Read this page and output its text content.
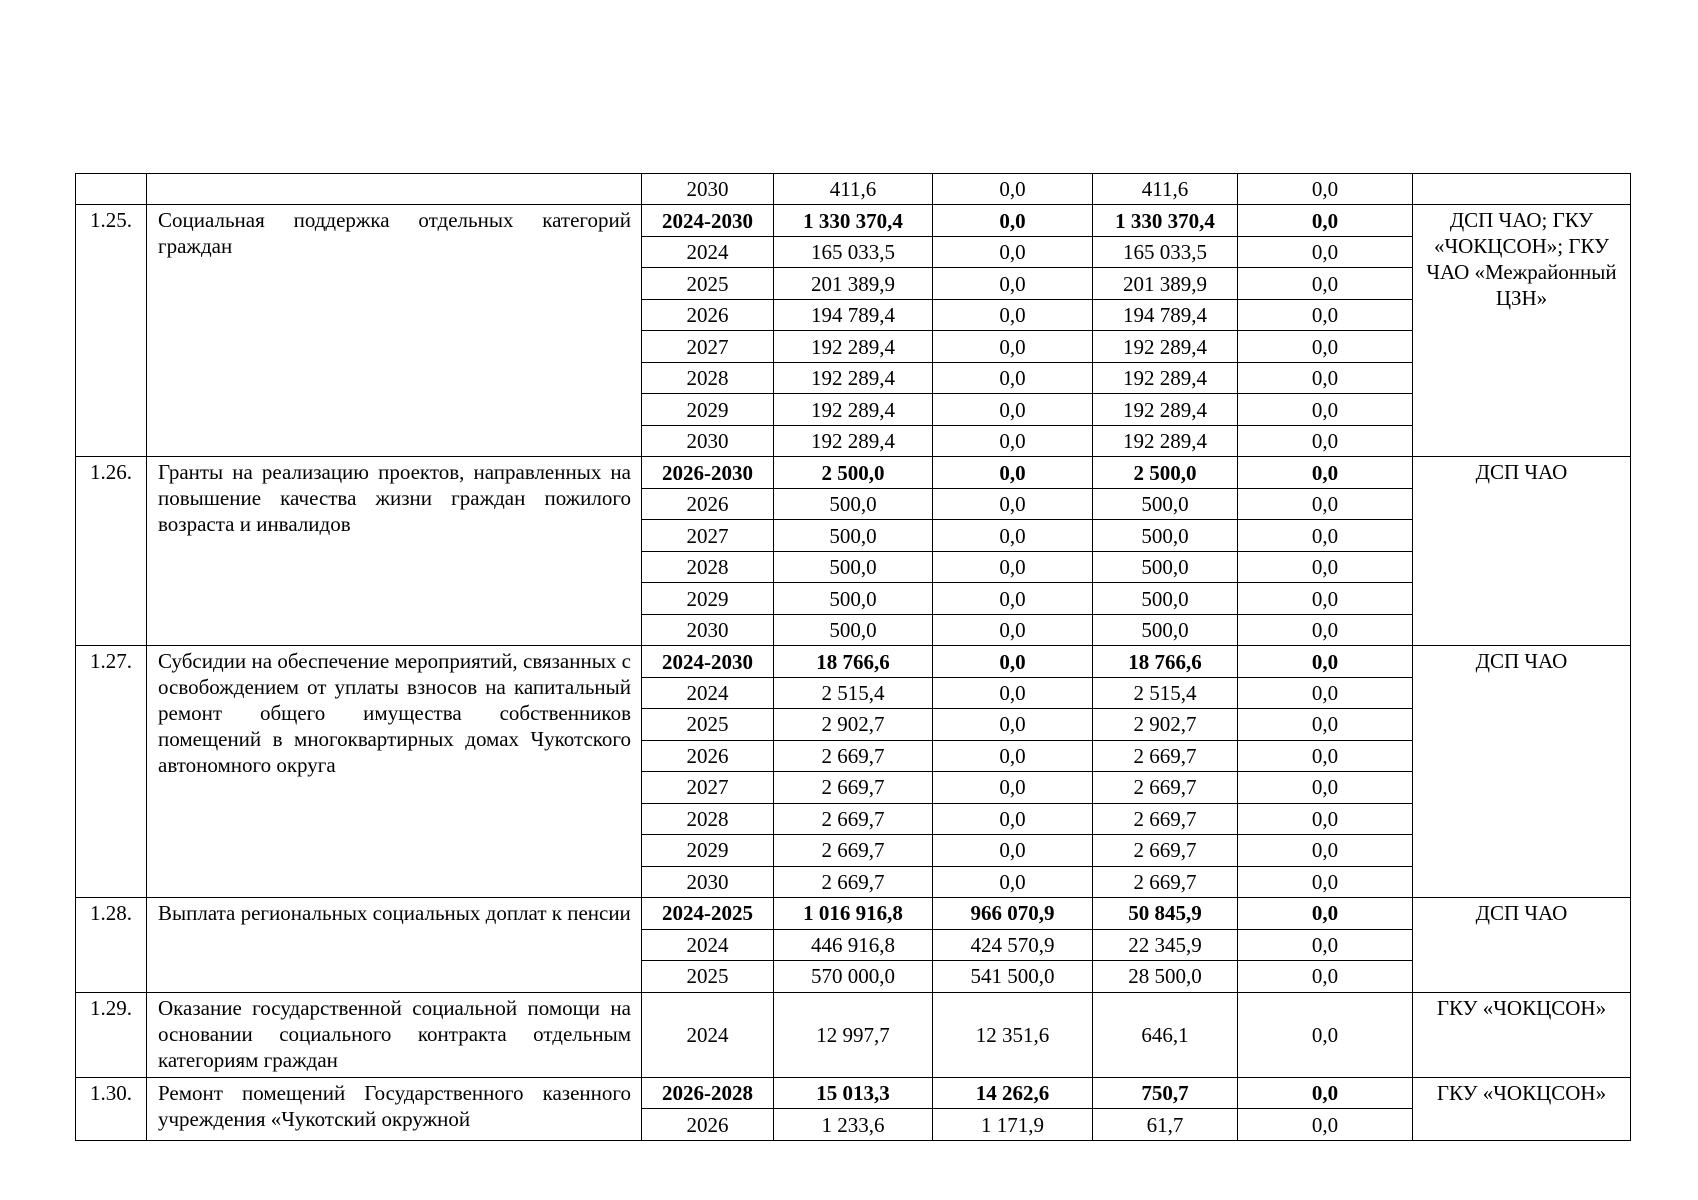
		2030	411,6	0,0	411,6	0,0	
1.25.	Социальная поддержка отдельных категорий граждан	2024-2030	1 330 370,4	0,0	1 330 370,4	0,0	ДСП ЧАО; ГКУ «ЧОКЦСОН»; ГКУ ЧАО «Межрайонный ЦЗН»
		2024	165 033,5	0,0	165 033,5	0,0	
		2025	201 389,9	0,0	201 389,9	0,0	
		2026	194 789,4	0,0	194 789,4	0,0	
		2027	192 289,4	0,0	192 289,4	0,0	
		2028	192 289,4	0,0	192 289,4	0,0	
		2029	192 289,4	0,0	192 289,4	0,0	
		2030	192 289,4	0,0	192 289,4	0,0	
1.26.	Гранты на реализацию проектов, направленных на повышение качества жизни граждан пожилого возраста и инвалидов	2026-2030	2 500,0	0,0	2 500,0	0,0	ДСП ЧАО
		2026	500,0	0,0	500,0	0,0	
		2027	500,0	0,0	500,0	0,0	
		2028	500,0	0,0	500,0	0,0	
		2029	500,0	0,0	500,0	0,0	
		2030	500,0	0,0	500,0	0,0	
1.27.	Субсидии на обеспечение мероприятий, связанных с освобождением от уплаты взносов на капитальный ремонт общего имущества собственников помещений в многоквартирных домах Чукотского автономного округа	2024-2030	18 766,6	0,0	18 766,6	0,0	ДСП ЧАО
		2024	2 515,4	0,0	2 515,4	0,0	
		2025	2 902,7	0,0	2 902,7	0,0	
		2026	2 669,7	0,0	2 669,7	0,0	
		2027	2 669,7	0,0	2 669,7	0,0	
		2028	2 669,7	0,0	2 669,7	0,0	
		2029	2 669,7	0,0	2 669,7	0,0	
		2030	2 669,7	0,0	2 669,7	0,0	
1.28.	Выплата региональных социальных доплат к пенсии	2024-2025	1 016 916,8	966 070,9	50 845,9	0,0	ДСП ЧАО
		2024	446 916,8	424 570,9	22 345,9	0,0	
		2025	570 000,0	541 500,0	28 500,0	0,0	
1.29.	Оказание государственной социальной помощи на основании социального контракта отдельным категориям граждан	2024	12 997,7	12 351,6	646,1	0,0	ГКУ «ЧОКЦСОН»
1.30.	Ремонт помещений Государственного казенного учреждения «Чукотский окружной	2026-2028	15 013,3	14 262,6	750,7	0,0	ГКУ «ЧОКЦСОН»
		2026	1 233,6	1 171,9	61,7	0,0	
